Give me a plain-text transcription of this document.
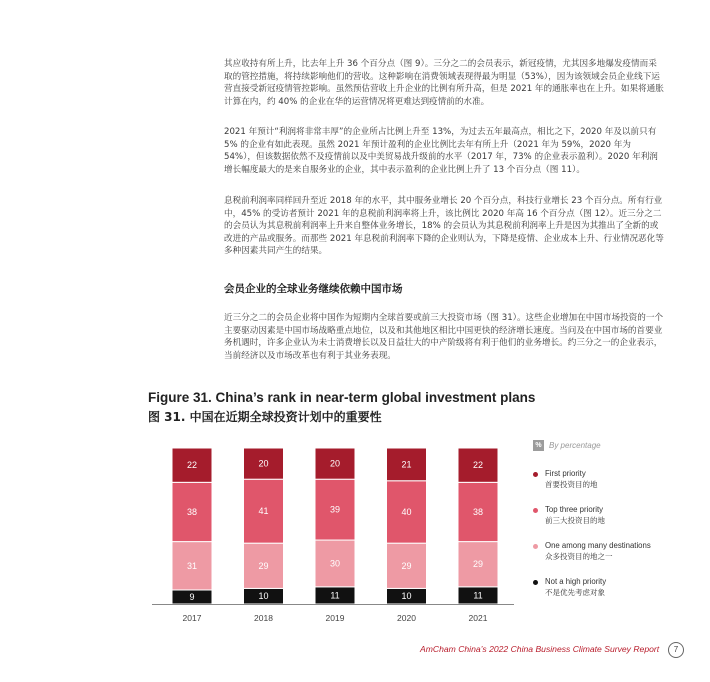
其应收持有所上升，比去年上升 36 个百分点（图 9）。三分之二的会员表示，新冠疫情，尤其因多地爆发疫情而采取的管控措施，将持续影响他们的营收。这种影响在消费领域表现得最为明显（53%），因为该领域会员企业线下运营直接受新冠疫情管控影响。虽然预估营收上升企业的比例有所升高，但是 2021 年的通胀率也在上升。如果将通胀计算在内，约 40% 的企业在华的运营情况将更难达到疫情前的水准。

2021 年预计“利润将非常丰厚”的企业所占比例上升至 13%，为过去五年最高点，相比之下，2020 年及以前只有 5% 的企业有如此表现。虽然 2021 年预计盈利的企业比例比去年有所上升（2021 年为 59%，2020 年为 54%），但该数据依然不及疫情前以及中美贸易战升级前的水平（2017 年，73% 的企业表示盈利）。2020 年利润增长幅度最大的是来自服务业的企业，其中表示盈利的企业比例上升了 13 个百分点（图 11）。

息税前利润率同样回升至近 2018 年的水平，其中服务业增长 20 个百分点，科技行业增长 23 个百分点。所有行业中，45% 的受访者预计 2021 年的息税前利润率将上升，该比例比 2020 年高 16 个百分点（图 12）。近三分之二的会员认为其息税前利润率上升来自整体业务增长，18% 的会员认为其息税前利润率上升是因为其推出了全新的或改进的产品或服务。而那些 2021 年息税前利润率下降的企业则认为，下降是疫情、企业成本上升、行业情况恶化等多种因素共同产生的结果。

会员企业的全球业务继续依赖中国市场

近三分之二的会员企业将中国作为短期内全球首要或前三大投资市场（图 31）。这些企业增加在中国市场投资的一个主要驱动因素是中国市场战略重点地位，以及和其他地区相比中国更快的经济增长速度。当问及在中国市场的首要业务机遇时，许多企业认为未士消费增长以及日益壮大的中产阶级将有利于他们的业务增长。约三分之一的企业表示，当前经济以及市场改革也有利于其业务表现。

Figure 31. China’s rank in near-term global investment plans
图 31. 中国在近期全球投资计划中的重要性
9
31
38
22
2017
10
29
41
20
2018
11
30
39
20
2019
10
29
40
21
2020
11
29
38
22
2021
% By percentage
First priority
首要投资目的地
Top three priority
前三大投资目的地
One among many destinations
众多投资目的地之一
Not a high priority
不是优先考虑对象
AmCham China’s 2022 China Business Climate Survey Report	7
